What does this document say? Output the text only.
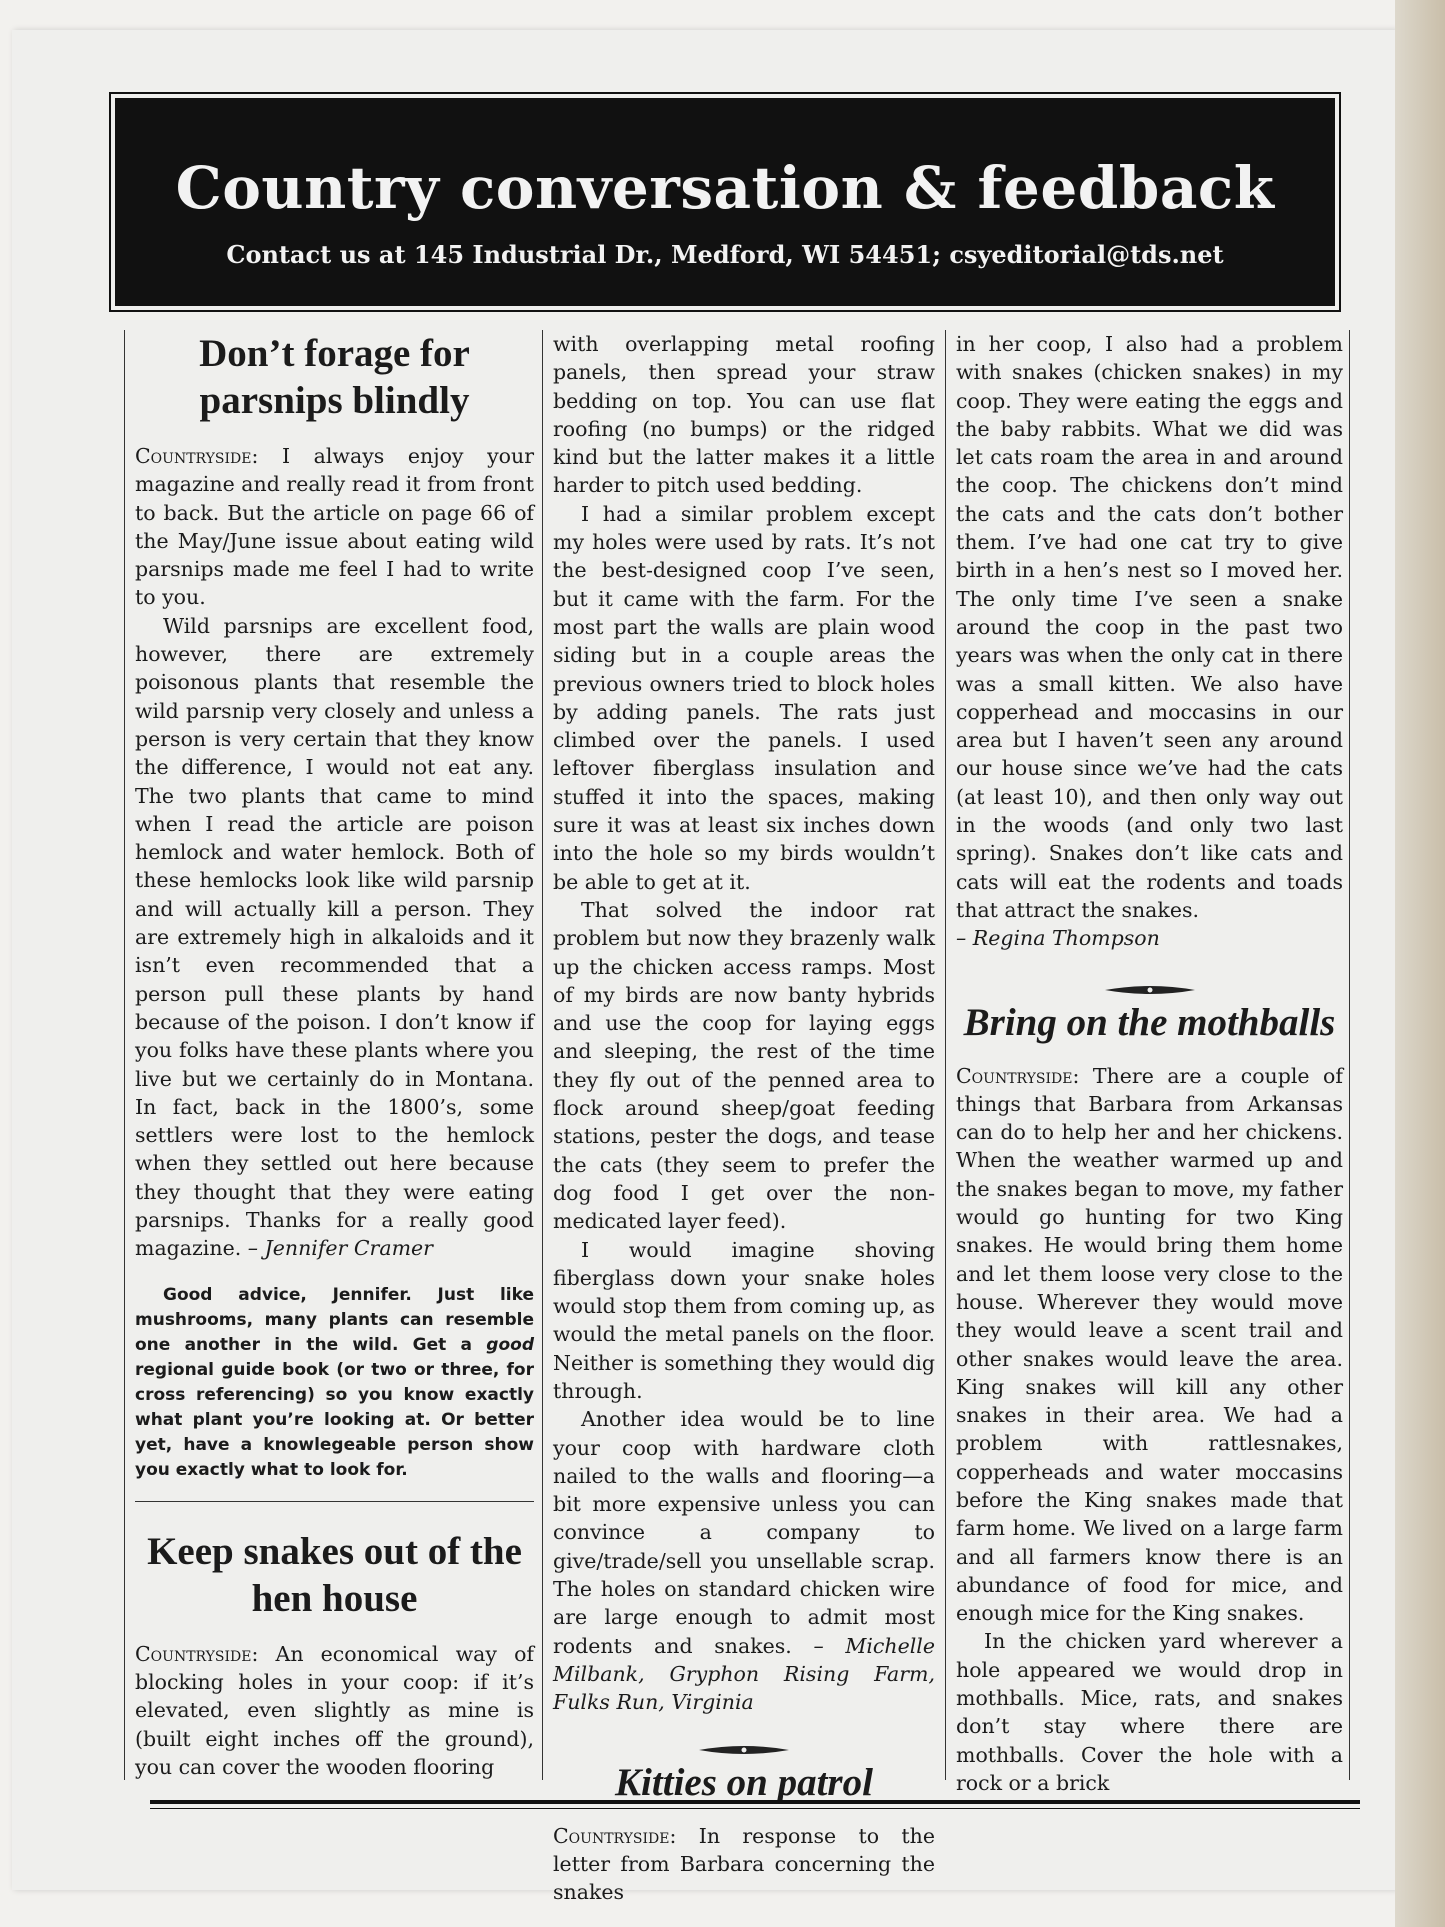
Country conversation & feedback
Contact us at 145 Industrial Dr., Medford, WI 54451; csyeditorial@tds.net
Don’t forage for parsnips blindly

Countryside: I always enjoy your magazine and really read it from front to back. But the article on page 66 of the May/June issue about eating wild parsnips made me feel I had to write to you.

Wild parsnips are excellent food, however, there are extremely poisonous plants that resemble the wild parsnip very closely and unless a person is very certain that they know the difference, I would not eat any. The two plants that came to mind when I read the article are poison hemlock and water hemlock. Both of these hemlocks look like wild parsnip and will actually kill a person. They are extremely high in alkaloids and it isn’t even recommended that a person pull these plants by hand because of the poison. I don’t know if you folks have these plants where you live but we certainly do in Montana. In fact, back in the 1800’s, some settlers were lost to the hemlock when they settled out here because they thought that they were eating parsnips. Thanks for a really good magazine. – Jennifer Cramer

Good advice, Jennifer. Just like mushrooms, many plants can resemble one another in the wild. Get a good regional guide book (or two or three, for cross referencing) so you know exactly what plant you’re looking at. Or better yet, have a knowlegeable person show you exactly what to look for.

Keep snakes out of the hen house

Countryside: An economical way of blocking holes in your coop: if it’s elevated, even slightly as mine is (built eight inches off the ground), you can cover the wooden flooring

with overlapping metal roofing panels, then spread your straw bedding on top. You can use flat roofing (no bumps) or the ridged kind but the latter makes it a little harder to pitch used bedding.

I had a similar problem except my holes were used by rats. It’s not the best-designed coop I’ve seen, but it came with the farm. For the most part the walls are plain wood siding but in a couple areas the previous owners tried to block holes by adding panels. The rats just climbed over the panels. I used leftover fiberglass insulation and stuffed it into the spaces, making sure it was at least six inches down into the hole so my birds wouldn’t be able to get at it.

That solved the indoor rat problem but now they brazenly walk up the chicken access ramps. Most of my birds are now banty hybrids and use the coop for laying eggs and sleeping, the rest of the time they fly out of the penned area to flock around sheep/goat feeding stations, pester the dogs, and tease the cats (they seem to prefer the dog food I get over the non-medicated layer feed).

I would imagine shoving fiberglass down your snake holes would stop them from coming up, as would the metal panels on the floor. Neither is something they would dig through.

Another idea would be to line your coop with hardware cloth nailed to the walls and flooring—a bit more expensive unless you can convince a company to give/trade/sell you unsellable scrap. The holes on standard chicken wire are large enough to admit most rodents and snakes. – Michelle Milbank, Gryphon Rising Farm, Fulks Run, Virginia

Kitties on patrol

Countryside: In response to the letter from Barbara concerning the snakes

in her coop, I also had a problem with snakes (chicken snakes) in my coop. They were eating the eggs and the baby rabbits. What we did was let cats roam the area in and around the coop. The chickens don’t mind the cats and the cats don’t bother them. I’ve had one cat try to give birth in a hen’s nest so I moved her. The only time I’ve seen a snake around the coop in the past two years was when the only cat in there was a small kitten. We also have copperhead and moccasins in our area but I haven’t seen any around our house since we’ve had the cats (at least 10), and then only way out in the woods (and only two last spring). Snakes don’t like cats and cats will eat the rodents and toads that attract the snakes.

– Regina Thompson

Bring on the mothballs

Countryside: There are a couple of things that Barbara from Arkansas can do to help her and her chickens. When the weather warmed up and the snakes began to move, my father would go hunting for two King snakes. He would bring them home and let them loose very close to the house. Wherever they would move they would leave a scent trail and other snakes would leave the area. King snakes will kill any other snakes in their area. We had a problem with rattlesnakes, copperheads and water moccasins before the King snakes made that farm home. We lived on a large farm and all farmers know there is an abundance of food for mice, and enough mice for the King snakes.

In the chicken yard wherever a hole appeared we would drop in mothballs. Mice, rats, and snakes don’t stay where there are mothballs. Cover the hole with a rock or a brick
